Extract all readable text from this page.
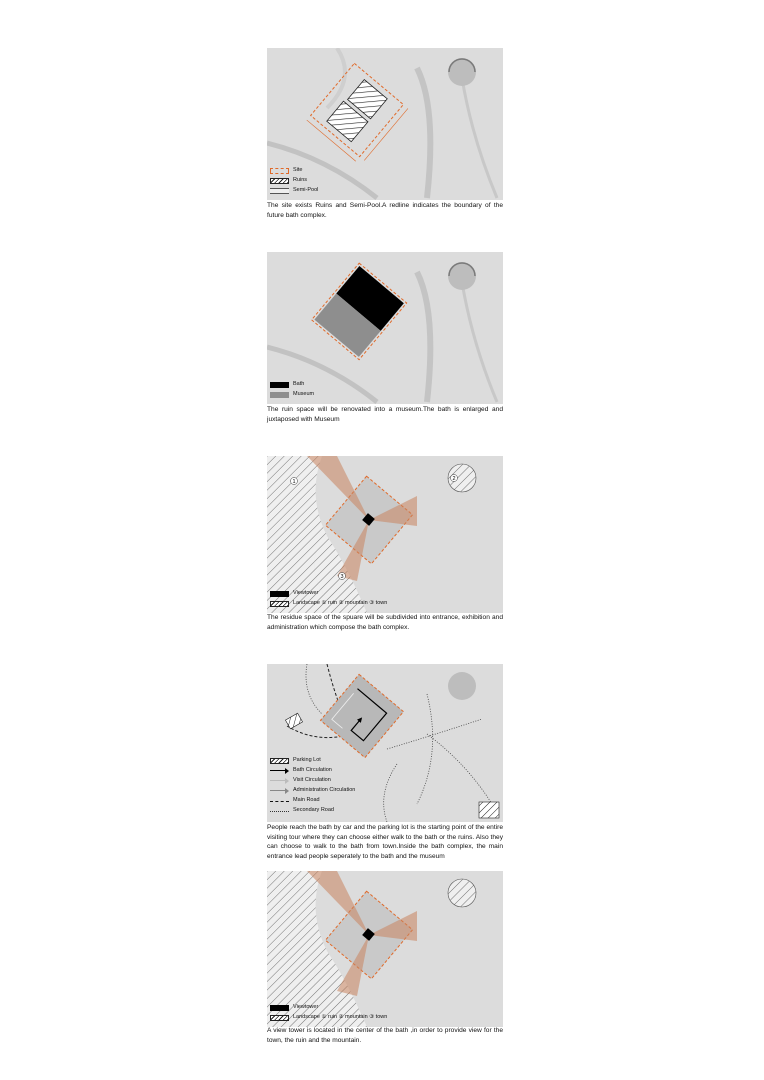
Site
Ruins
Semi-Pool

The site exists Ruins and Semi-Pool.A redline indicates the boundary of the future bath complex.

Bath
Museum

The ruin space will be renovated into a museum.The bath is enlarged and juxtaposed with Museum

1	2
3
Viewtower
Landscape ① ruin ② mountain ③ town

The residue space of the spuare will be subdivided into entrance, exhibition and administration which compose the bath complex.

Parking Lot
Bath Circulation
Visit Circulation
Administration Circulation
Main Road
Secondary Road

People reach the bath by car and the parking lot is the starting point of the entire visiting tour where they can choose either walk to the bath or the ruins. Also they can choose to walk to the bath from town.Inside the bath complex, the main entrance lead people seperately to the bath and the museum

Viewtower
Landscape ① ruin ② mountain ③ town

A view tower is located in the center of the bath ,in order to provide view for the town, the ruin and the mountain.
